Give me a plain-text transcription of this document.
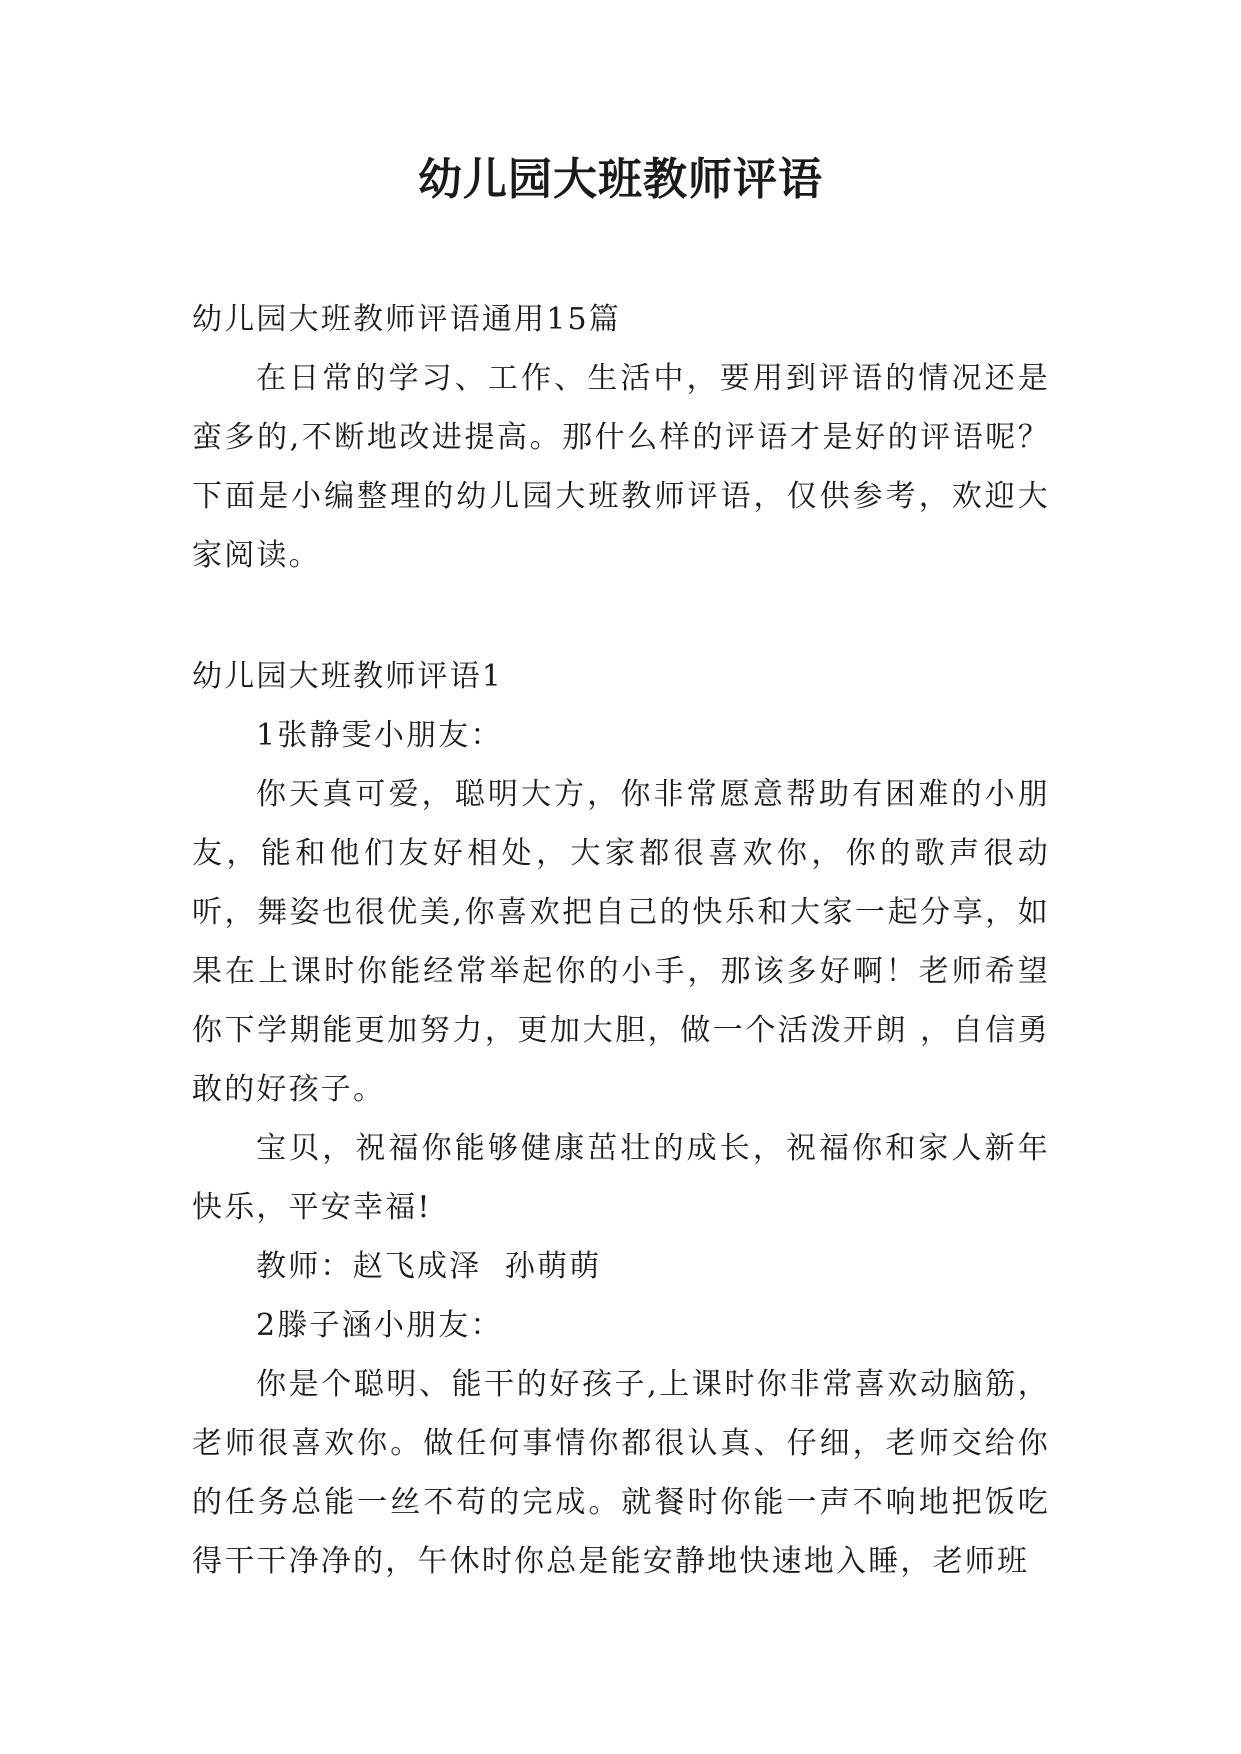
幼儿园大班教师评语

幼儿园大班教师评语通用15篇

在日常的学习、工作、生活中，要用到评语的情况还是蛮多的,不断地改进提高。那什么样的评语才是好的评语呢？下面是小编整理的幼儿园大班教师评语，仅供参考，欢迎大家阅读。

幼儿园大班教师评语1

1张静雯小朋友：

你天真可爱，聪明大方，你非常愿意帮助有困难的小朋友，能和他们友好相处，大家都很喜欢你，你的歌声很动听，舞姿也很优美,你喜欢把自己的快乐和大家一起分享，如果在上课时你能经常举起你的小手，那该多好啊！老师希望你下学期能更加努力，更加大胆，做一个活泼开朗 ，自信勇敢的好孩子。

宝贝，祝福你能够健康茁壮的成长，祝福你和家人新年快乐，平安幸福!

教师：赵飞成泽  孙萌萌

2滕子涵小朋友：

你是个聪明、能干的好孩子,上课时你非常喜欢动脑筋，老师很喜欢你。做任何事情你都很认真、仔细，老师交给你的任务总能一丝不苟的完成。就餐时你能一声不响地把饭吃得干干净净的，午休时你总是能安静地快速地入睡，老师班
